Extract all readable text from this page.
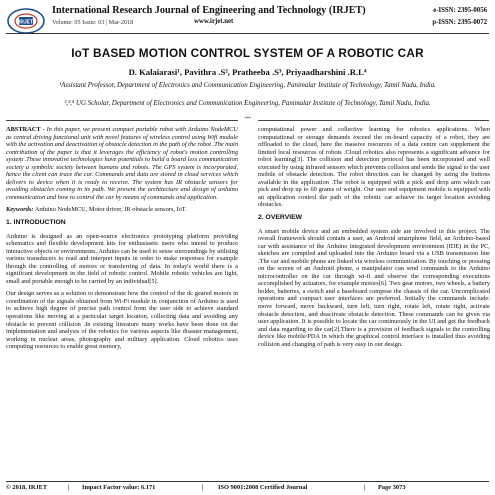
IRJET
International Research Journal of Engineering and Technology (IRJET)
Volume: 05 Issue: 03 | Mar-2018	www.irjet.net
e-ISSN: 2395-0056
p-ISSN: 2395-0072
IoT BASED MOTION CONTROL SYSTEM OF A ROBOTIC CAR
D. Kalaiarasi¹, Pavithra .S², Pratheeba .S³, Priyaadharshini .R.L⁴
¹Assistant Professor, Department of Electronics and Communication Engineering, Panimalar Institute of Technology, Tamil Nadu, India.
²,³,⁴ UG Scholar, Department of Electronics and Communication Engineering, Panimalar Institute of Technology, Tamil Nadu, India.
***
ABSTRACT - In this paper, we present compact portable robot with Arduino NodeMCU as central driving functional unit with novel features of wireless control using Wifi module with the activation and deactivation of obstacle detection in the path of the robot .The main contribution of the paper is that it leverages the efficiency of robot's motion controlling system .These innovative technologies have potentials to build a board less communication society a symbolic society between humans and robots. The GPS system is incorporated, hence the client can trace the car. Commands and data are stored in cloud services which delivers to device when it is ready to receive. The system has IR obstacle sensors for avoiding obstacles coming in its path. We present the architecture and design of arduino communication and how to control the car by means of commands and application.
Keywords: Arduino NodeMCU, Motor driver, IR obstacle sensors, IoT.
1. INTRODUCTION
Arduino is designed as an open-source electronics prototyping platform providing schematics and flexible development kits for enthusiastic users who intend to produce interactive objects or environments. Arduino can be used to sense surroundings by utilising various transducers to read and interpret inputs in order to make responses for example through the controlling of motors or transferring of data. In today's world there is a significant development in the field of robotic control. Mobile robotic vehicles are light, small and portable enough to be carried by an individual[5].
Our design serves as a solution to demonstrate how the control of the dc geared motors in coordination of the signals obtained from Wi-Fi module in conjunction of Arduino is used to achieve high degree of precise path control from the user side to achieve standard operations like moving at a particular target location, collecting data and avoiding any obstacle to prevent collision .In existing literature many works have been done on the implementation and analysis of the robotics for various aspects like disaster management, working in nuclear areas, photography and military application. Cloud robotics uses computing resources to enable great memory,
computational power and collective learning for robotics applications. When computational or storage demands exceed the on-board capacity of a robot, they are offloaded to the cloud, here the massive resources of a data centre can supplement the limited local resources of robots .Cloud robotics also represents a significant advance for robot learning[3]. The collision and detection protocol has been incorporated and well executed by using infrared sensors which prevents collision and sends the signal to the user mobile of obstacle detection. The robot direction can be changed by using the buttons available in the application .The robot is equipped with a pick and drop arm which can pick and drop up to 60 grams of weight. Our user end equipment mobile is equipped with an application control the path of the robotic car achieve its target location avoiding obstacles.
2. OVERVIEW
A smart mobile device and an embedded system side are involved in this project. The overall framework should contain a user, an Android smartphone field, an Arduino-based car with assistance of the Arduino integrated development environment (IDE) in the PC, sketches are compiled and uploaded into the Arduino board via a USB transmission line .The car and mobile phone are linked via wireless communication. By touching or pressing on the screen of an Android phone, a manipulator can send commands to the Arduino microcontroller on the car through wi-fi and observe the corresponding executions accomplished by actuators, for example motors[6]. Two gear motors, two wheels, a battery holder, batteries, a switch and a baseboard compose the chassis of the car. Uncomplicated operations and compact user interfaces are preferred. Initially the commands include: move forward, move backward, turn left, turn right, rotate left, rotate right, activate obstacle detection, and deactivate obstacle detection. These commands can be given via user application. It is possible to locate the car continuously in the UI and get the feedback and data regarding to the car[2].There is a provision of feedback signals to the controlling device like mobile/PDA in which the graphical control interface is installed thus avoiding collision and changing of path is very easy in our design.
© 2018, IRJET	| Impact Factor value: 6.171	| ISO 9001:2008 Certified Journal	| Page 3073
